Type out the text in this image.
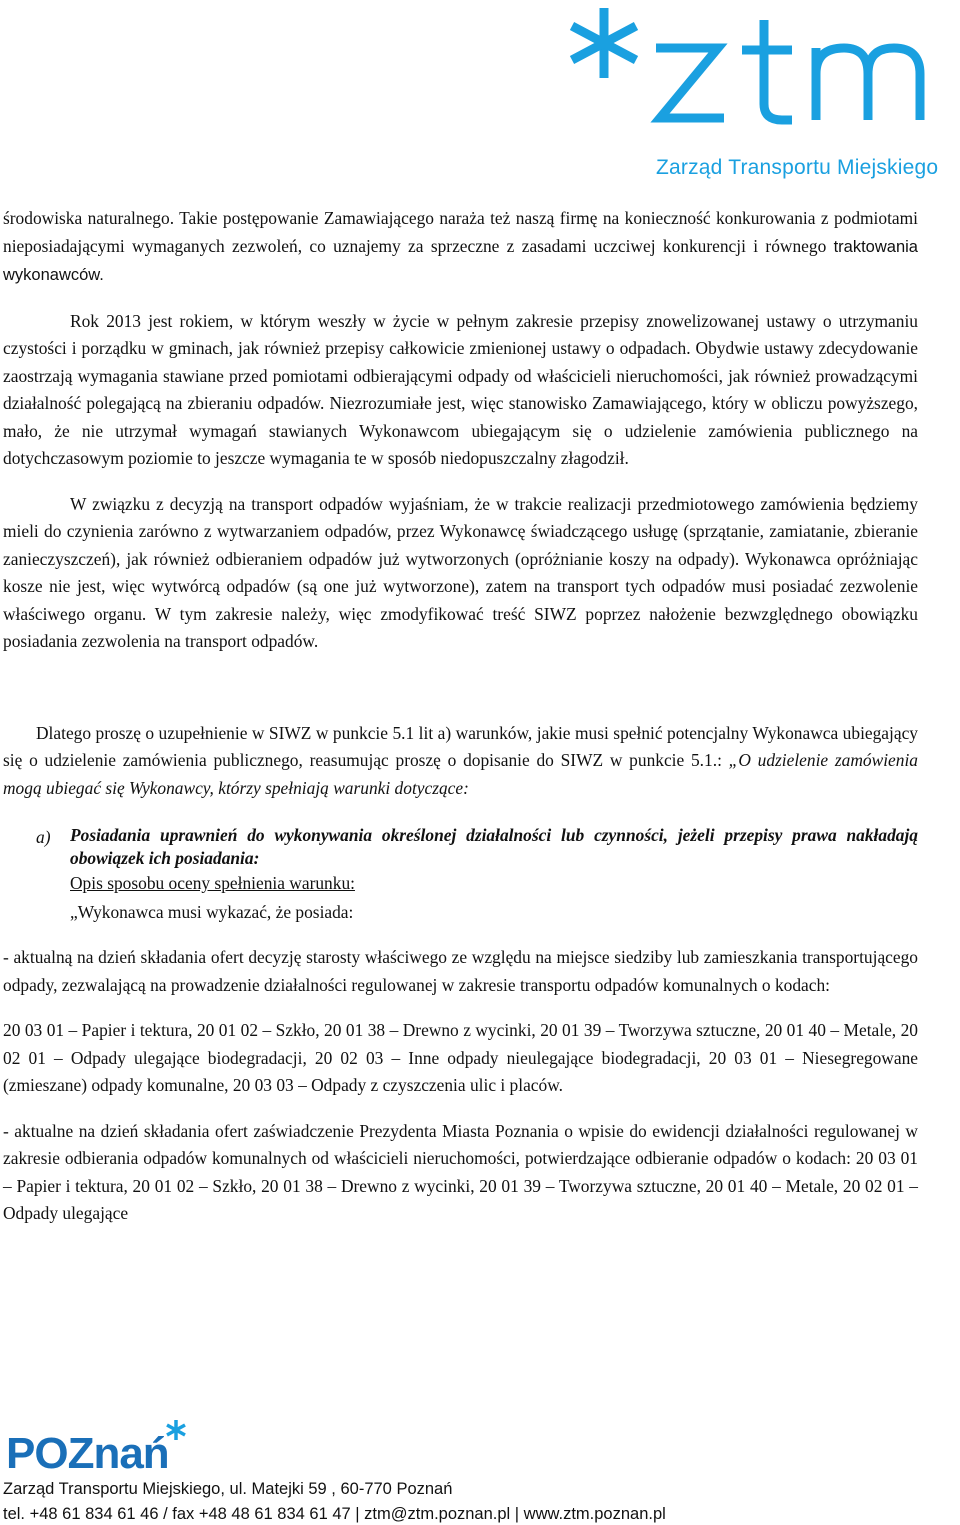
Zarząd Transportu Miejskiego

środowiska naturalnego. Takie postępowanie Zamawiającego naraża też naszą firmę na konieczność konkurowania z podmiotami nieposiadającymi wymaganych zezwoleń, co uznajemy za sprzeczne z zasadami uczciwej konkurencji i równego traktowania wykonawców.

Rok 2013 jest rokiem, w którym weszły w życie w pełnym zakresie przepisy znowelizowanej ustawy o utrzymaniu czystości i porządku w gminach, jak również przepisy całkowicie zmienionej ustawy o odpadach. Obydwie ustawy zdecydowanie zaostrzają wymagania stawiane przed pomiotami odbierającymi odpady od właścicieli nieruchomości, jak również prowadzącymi działalność polegającą na zbieraniu odpadów. Niezrozumiałe jest, więc stanowisko Zamawiającego, który w obliczu powyższego, mało, że nie utrzymał wymagań stawianych Wykonawcom ubiegającym się o udzielenie zamówienia publicznego na dotychczasowym poziomie to jeszcze wymagania te w sposób niedopuszczalny złagodził.

W związku z decyzją na transport odpadów wyjaśniam, że w trakcie realizacji przedmiotowego zamówienia będziemy mieli do czynienia zarówno z wytwarzaniem odpadów, przez Wykonawcę świadczącego usługę (sprzątanie, zamiatanie, zbieranie zanieczyszczeń), jak również odbieraniem odpadów już wytworzonych (opróżnianie koszy na odpady). Wykonawca opróżniając kosze nie jest, więc wytwórcą odpadów (są one już wytworzone), zatem na transport tych odpadów musi posiadać zezwolenie właściwego organu. W tym zakresie należy, więc zmodyfikować treść SIWZ poprzez nałożenie bezwzględnego obowiązku posiadania zezwolenia na transport odpadów.

Dlatego proszę o uzupełnienie w SIWZ w punkcie 5.1 lit a) warunków, jakie musi spełnić potencjalny Wykonawca ubiegający się o udzielenie zamówienia publicznego, reasumując proszę o dopisanie do SIWZ w punkcie 5.1.: „O udzielenie zamówienia mogą ubiegać się Wykonawcy, którzy spełniają warunki dotyczące:

a) Posiadania uprawnień do wykonywania określonej działalności lub czynności, jeżeli przepisy prawa nakładają obowiązek ich posiadania:
Opis sposobu oceny spełnienia warunku:
„Wykonawca musi wykazać, że posiada:

- aktualną na dzień składania ofert decyzję starosty właściwego ze względu na miejsce siedziby lub zamieszkania transportującego odpady, zezwalającą na prowadzenie działalności regulowanej w zakresie transportu odpadów komunalnych o kodach:

20 03 01 – Papier i tektura, 20 01 02 – Szkło, 20 01 38 – Drewno z wycinki, 20 01 39 – Tworzywa sztuczne, 20 01 40 – Metale, 20 02 01 – Odpady ulegające biodegradacji, 20 02 03 – Inne odpady nieulegające biodegradacji, 20 03 01 – Niesegregowane (zmieszane) odpady komunalne, 20 03 03 – Odpady z czyszczenia ulic i placów.

- aktualne na dzień składania ofert zaświadczenie Prezydenta Miasta Poznania o wpisie do ewidencji działalności regulowanej w zakresie odbierania odpadów komunalnych od właścicieli nieruchomości, potwierdzające odbieranie odpadów o kodach: 20 03 01 – Papier i tektura, 20 01 02 – Szkło, 20 01 38 – Drewno z wycinki, 20 01 39 – Tworzywa sztuczne, 20 01 40 – Metale, 20 02 01 – Odpady ulegające

POZnań
Zarząd Transportu Miejskiego, ul. Matejki 59 , 60-770 Poznań
tel. +48 61 834 61 46 / fax +48 48 61 834 61 47 | ztm@ztm.poznan.pl | www.ztm.poznan.pl
